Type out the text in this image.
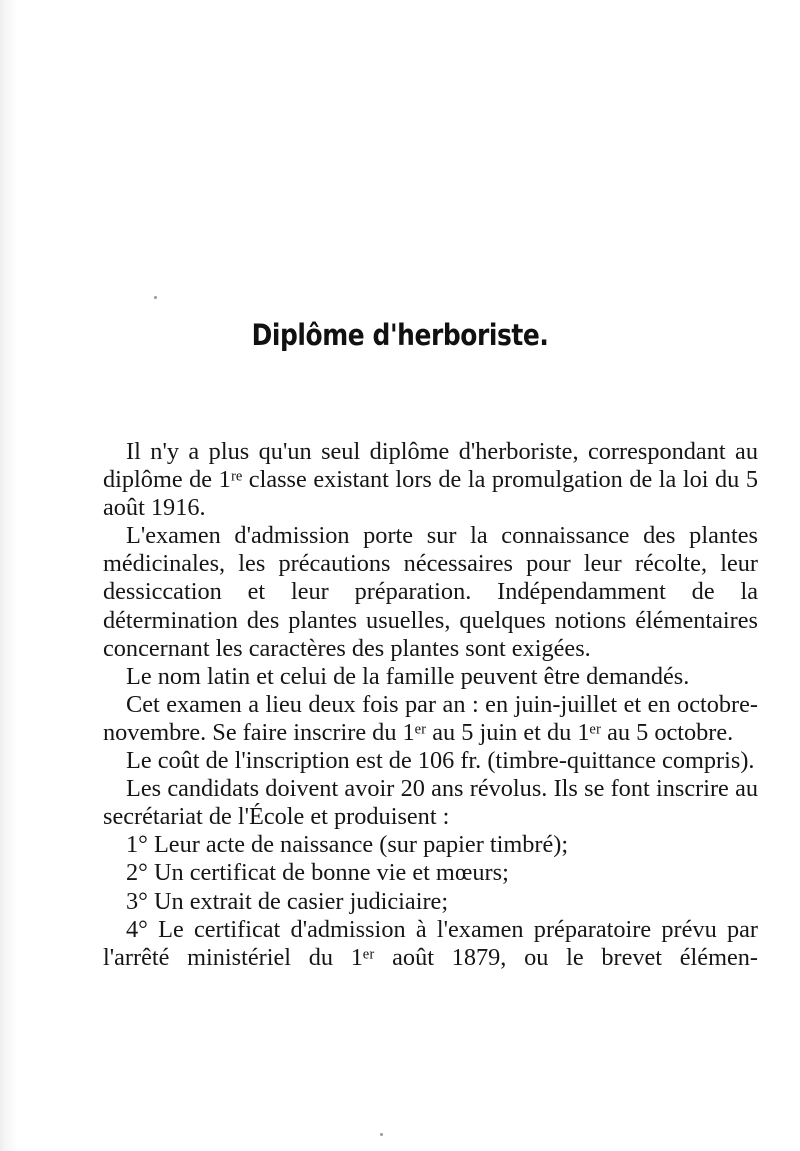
Diplôme d'herboriste.

Il n'y a plus qu'un seul diplôme d'herboriste, correspondant au diplôme de 1ʳᵉ classe existant lors de la promulgation de la loi du 5 août 1916.

L'examen d'admission porte sur la connaissance des plantes médicinales, les précautions nécessaires pour leur récolte, leur dessiccation et leur préparation. Indépendamment de la détermination des plantes usuelles, quelques notions élémentaires concernant les caractères des plantes sont exigées.

Le nom latin et celui de la famille peuvent être demandés.

Cet examen a lieu deux fois par an : en juin-juillet et en octobre-novembre. Se faire inscrire du 1ᵉʳ au 5 juin et du 1ᵉʳ au 5 octobre.

Le coût de l'inscription est de 106 fr. (timbre-quittance compris).

Les candidats doivent avoir 20 ans révolus. Ils se font inscrire au secrétariat de l'École et produisent :

1° Leur acte de naissance (sur papier timbré);

2° Un certificat de bonne vie et mœurs;

3° Un extrait de casier judiciaire;

4° Le certificat d'admission à l'examen préparatoire prévu par l'arrêté ministériel du 1ᵉʳ août 1879, ou le brevet élémen-
